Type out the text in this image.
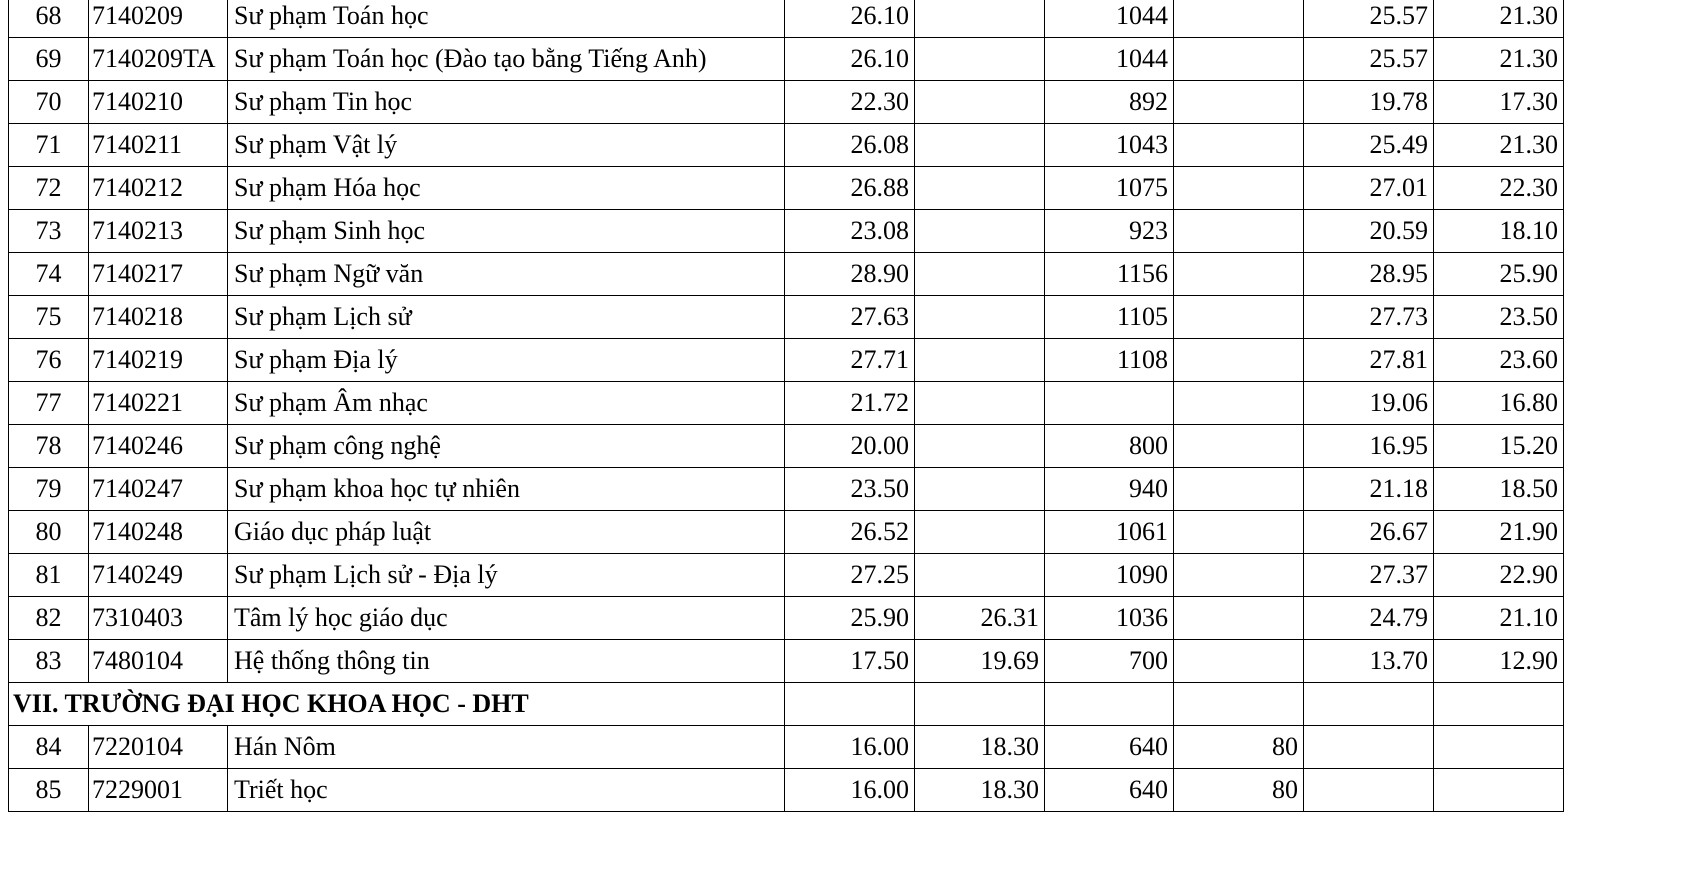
68	7140209	Sư phạm Toán học	26.10		1044		25.57	21.30
69	7140209TA	Sư phạm Toán học (Đào tạo bằng Tiếng Anh)	26.10		1044		25.57	21.30
70	7140210	Sư phạm Tin học	22.30		892		19.78	17.30
71	7140211	Sư phạm Vật lý	26.08		1043		25.49	21.30
72	7140212	Sư phạm Hóa học	26.88		1075		27.01	22.30
73	7140213	Sư phạm Sinh học	23.08		923		20.59	18.10
74	7140217	Sư phạm Ngữ văn	28.90		1156		28.95	25.90
75	7140218	Sư phạm Lịch sử	27.63		1105		27.73	23.50
76	7140219	Sư phạm Địa lý	27.71		1108		27.81	23.60
77	7140221	Sư phạm Âm nhạc	21.72				19.06	16.80
78	7140246	Sư phạm công nghệ	20.00		800		16.95	15.20
79	7140247	Sư phạm khoa học tự nhiên	23.50		940		21.18	18.50
80	7140248	Giáo dục pháp luật	26.52		1061		26.67	21.90
81	7140249	Sư phạm Lịch sử - Địa lý	27.25		1090		27.37	22.90
82	7310403	Tâm lý học giáo dục	25.90	26.31	1036		24.79	21.10
83	7480104	Hệ thống thông tin	17.50	19.69	700		13.70	12.90
VII. TRƯỜNG ĐẠI HỌC KHOA HỌC - DHT								
84	7220104	Hán Nôm	16.00	18.30	640	80		
85	7229001	Triết học	16.00	18.30	640	80		
